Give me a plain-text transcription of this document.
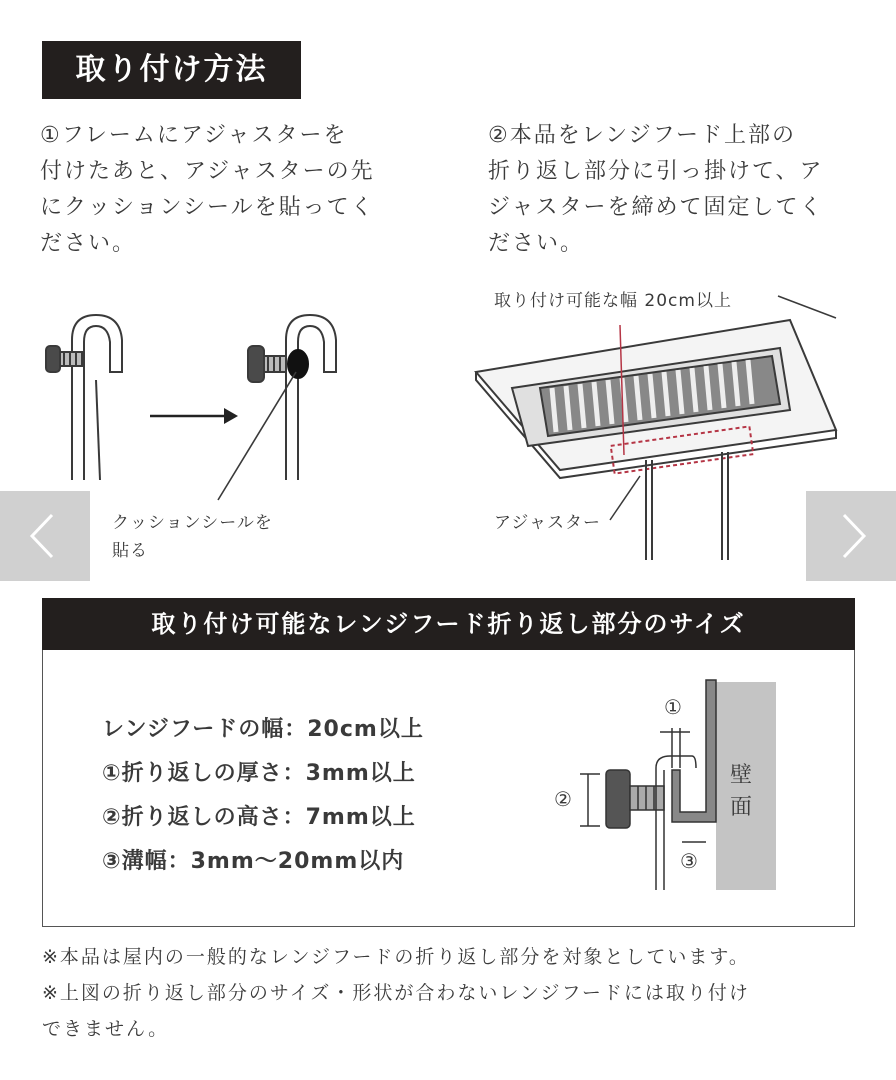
取り付け方法
①フレームにアジャスターを
付けたあと、アジャスターの先
にクッションシールを貼ってく
ださい。
②本品をレンジフード上部の
折り返し部分に引っ掛けて、ア
ジャスターを締めて固定してく
ださい。
クッションシールを
貼る
取り付け可能な幅 20cm以上
アジャスター
取り付け可能なレンジフード折り返し部分のサイズ
レンジフードの幅：20cm以上
①折り返しの厚さ：3mm以上
②折り返しの高さ：7mm以上
③溝幅：3mm〜20mm以内
①
②
③
壁
面
※本品は屋内の一般的なレンジフードの折り返し部分を対象としています。
※上図の折り返し部分のサイズ・形状が合わないレンジフードには取り付け
できません。
